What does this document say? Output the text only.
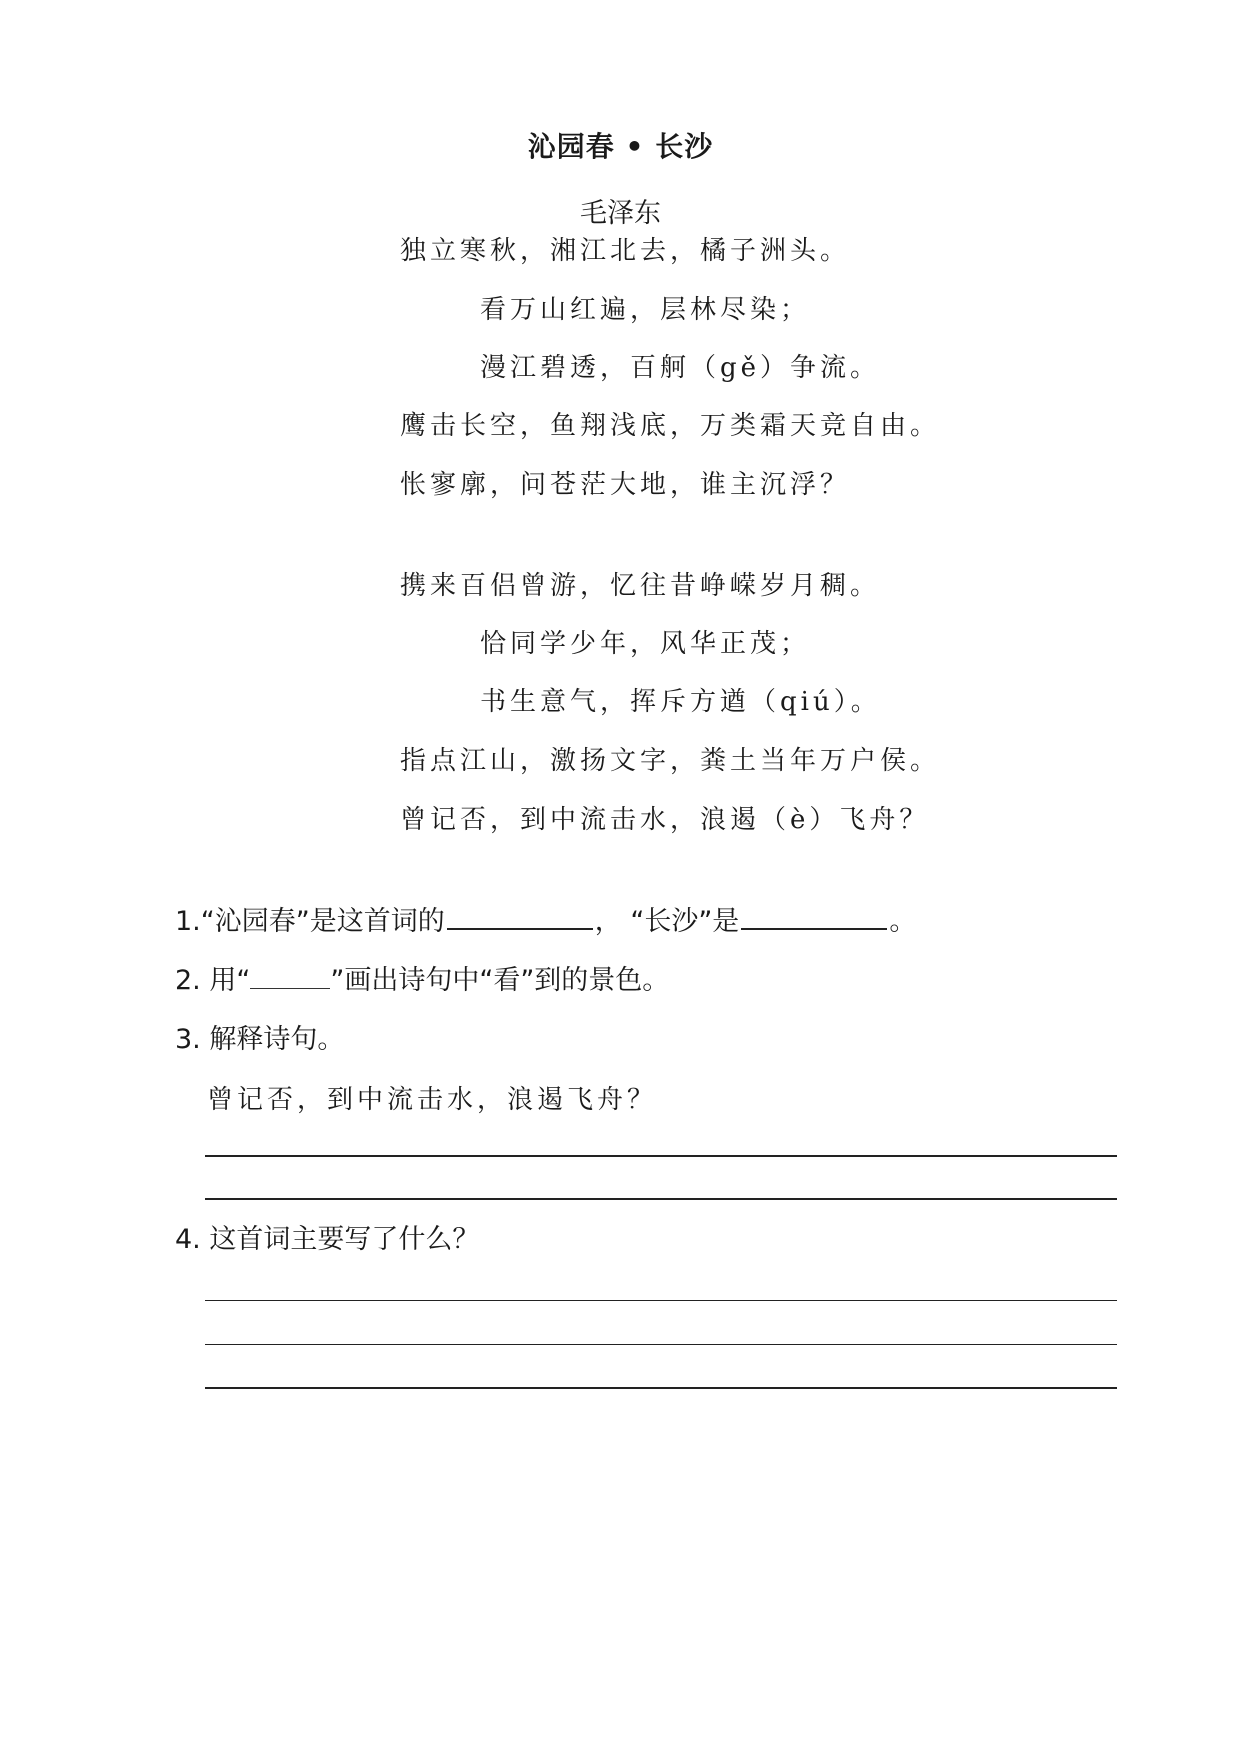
沁园春 • 长沙
毛泽东
独立寒秋，湘江北去，橘子洲头。
看万山红遍，层林尽染；
漫江碧透，百舸（gě）争流。
鹰击长空，鱼翔浅底，万类霜天竞自由。
怅寥廓，问苍茫大地，谁主沉浮？
携来百侣曾游，忆往昔峥嵘岁月稠。
恰同学少年，风华正茂；
书生意气，挥斥方遒（qiú）。
指点江山，激扬文字，粪土当年万户侯。
曾记否，到中流击水，浪遏（è）飞舟？
1.“沁园春”是这首词的	， “长沙”是	。
2. 用“	”画出诗句中“看”到的景色。
3. 解释诗句。
曾记否，到中流击水，浪遏飞舟？
4. 这首词主要写了什么？
